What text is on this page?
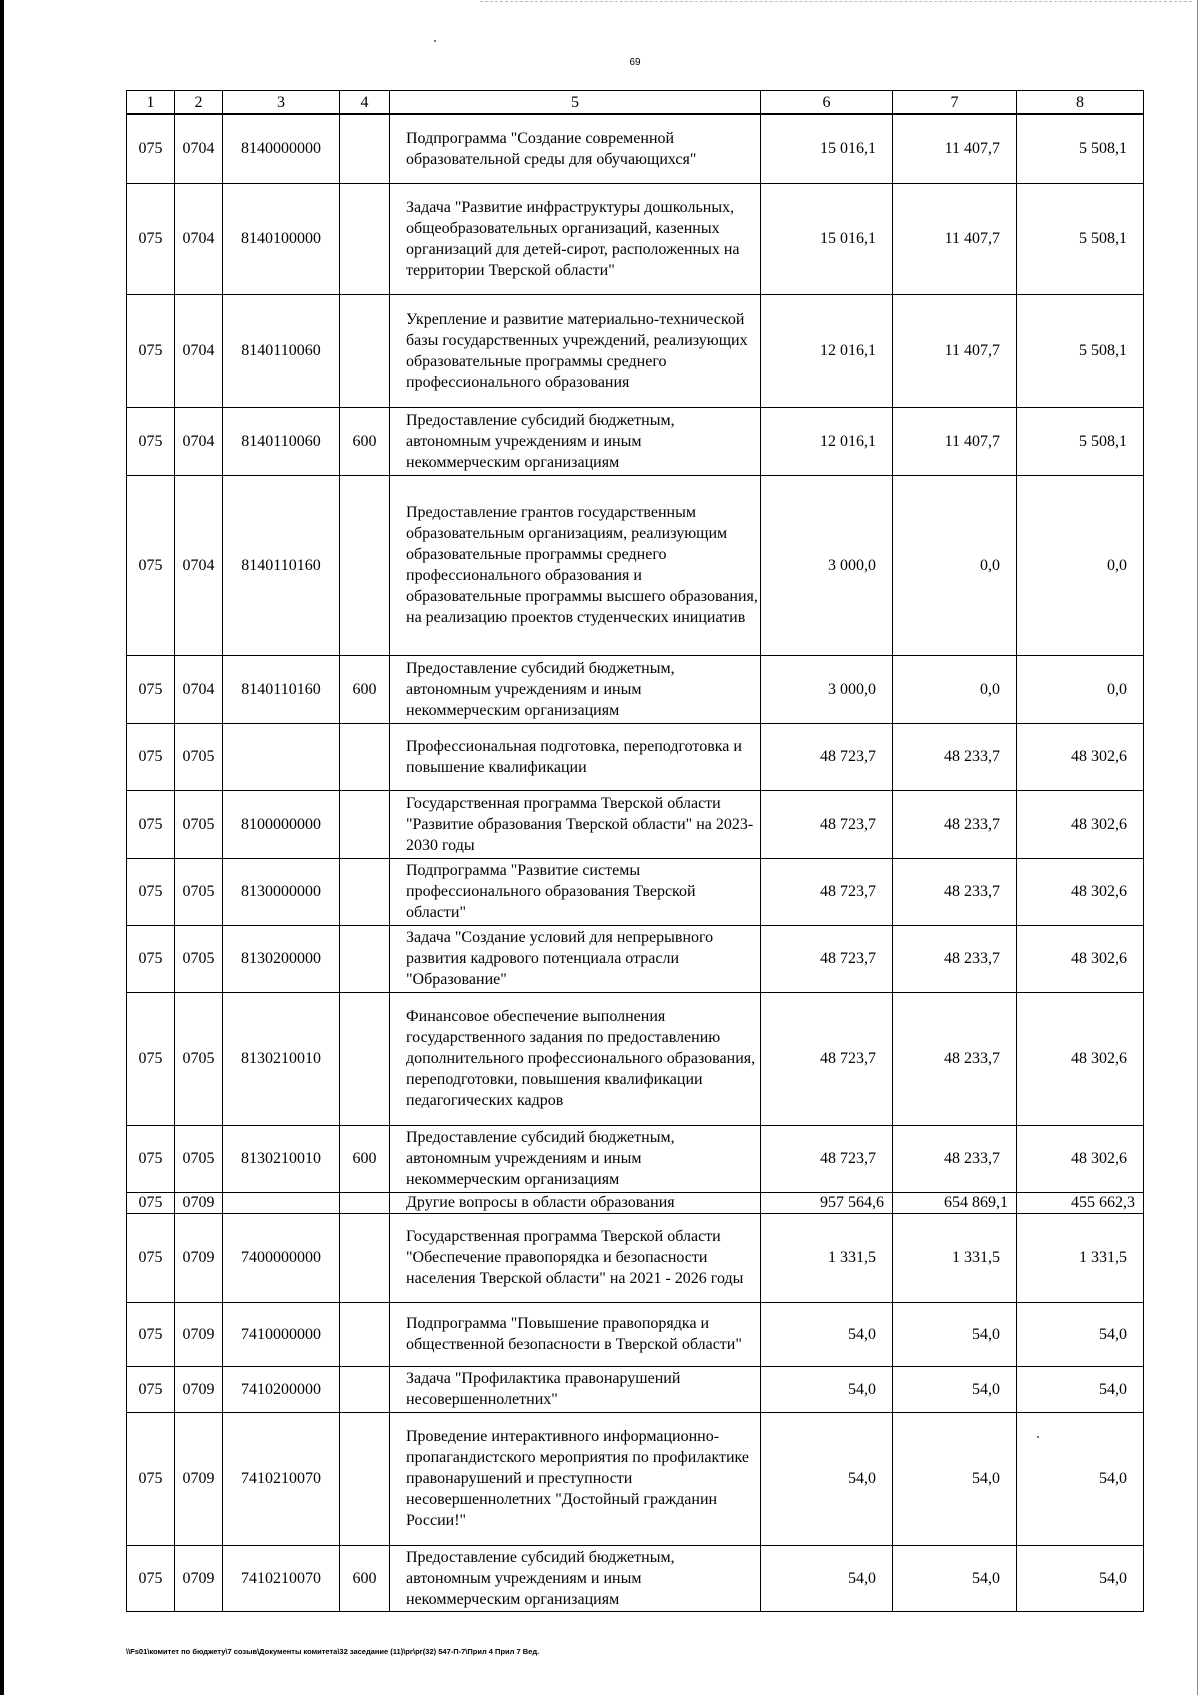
69
1	2	3	4	5	6	7	8
075	0704	8140000000		Подпрограмма "Создание современной образовательной среды для обучающихся"	15 016,1	11 407,7	5 508,1
075	0704	8140100000		Задача "Развитие инфраструктуры дошкольных, общеобразовательных организаций, казенных организаций для детей-сирот, расположенных на территории Тверской области"	15 016,1	11 407,7	5 508,1
075	0704	8140110060		Укрепление и развитие материально-технической базы государственных учреждений, реализующих образовательные программы среднего профессионального образования	12 016,1	11 407,7	5 508,1
075	0704	8140110060	600	Предоставление субсидий бюджетным, автономным учреждениям и иным некоммерческим организациям	12 016,1	11 407,7	5 508,1
075	0704	8140110160		Предоставление грантов государственным образовательным организациям, реализующим образовательные программы среднего профессионального образования и образовательные программы высшего образования, на реализацию проектов студенческих инициатив	3 000,0	0,0	0,0
075	0704	8140110160	600	Предоставление субсидий бюджетным, автономным учреждениям и иным некоммерческим организациям	3 000,0	0,0	0,0
075	0705			Профессиональная подготовка, переподготовка и повышение квалификации	48 723,7	48 233,7	48 302,6
075	0705	8100000000		Государственная программа Тверской области "Развитие образования Тверской области" на 2023-2030 годы	48 723,7	48 233,7	48 302,6
075	0705	8130000000		Подпрограмма "Развитие системы профессионального образования Тверской области"	48 723,7	48 233,7	48 302,6
075	0705	8130200000		Задача "Создание условий для непрерывного развития кадрового потенциала отрасли "Образование"	48 723,7	48 233,7	48 302,6
075	0705	8130210010		Финансовое обеспечение выполнения государственного задания по предоставлению дополнительного профессионального образования, переподготовки, повышения квалификации педагогических кадров	48 723,7	48 233,7	48 302,6
075	0705	8130210010	600	Предоставление субсидий бюджетным, автономным учреждениям и иным некоммерческим организациям	48 723,7	48 233,7	48 302,6
075	0709			Другие вопросы в области образования	957 564,6	654 869,1	455 662,3
075	0709	7400000000		Государственная программа Тверской области "Обеспечение правопорядка и безопасности населения Тверской области" на 2021 - 2026 годы	1 331,5	1 331,5	1 331,5
075	0709	7410000000		Подпрограмма "Повышение правопорядка и общественной безопасности в Тверской области"	54,0	54,0	54,0
075	0709	7410200000		Задача "Профилактика правонарушений несовершеннолетних"	54,0	54,0	54,0
075	0709	7410210070		Проведение интерактивного информационно-пропагандистского мероприятия по профилактике правонарушений и преступности несовершеннолетних "Достойный гражданин России!"	54,0	54,0	54,0
075	0709	7410210070	600	Предоставление субсидий бюджетным, автономным учреждениям и иным некоммерческим организациям	54,0	54,0	54,0
\\Fs01\комитет по бюджету\7 созыв\Документы комитета\32 заседание (11)\рг\рг(32) 547-П-7\Прил 4 Прил 7 Вед.
